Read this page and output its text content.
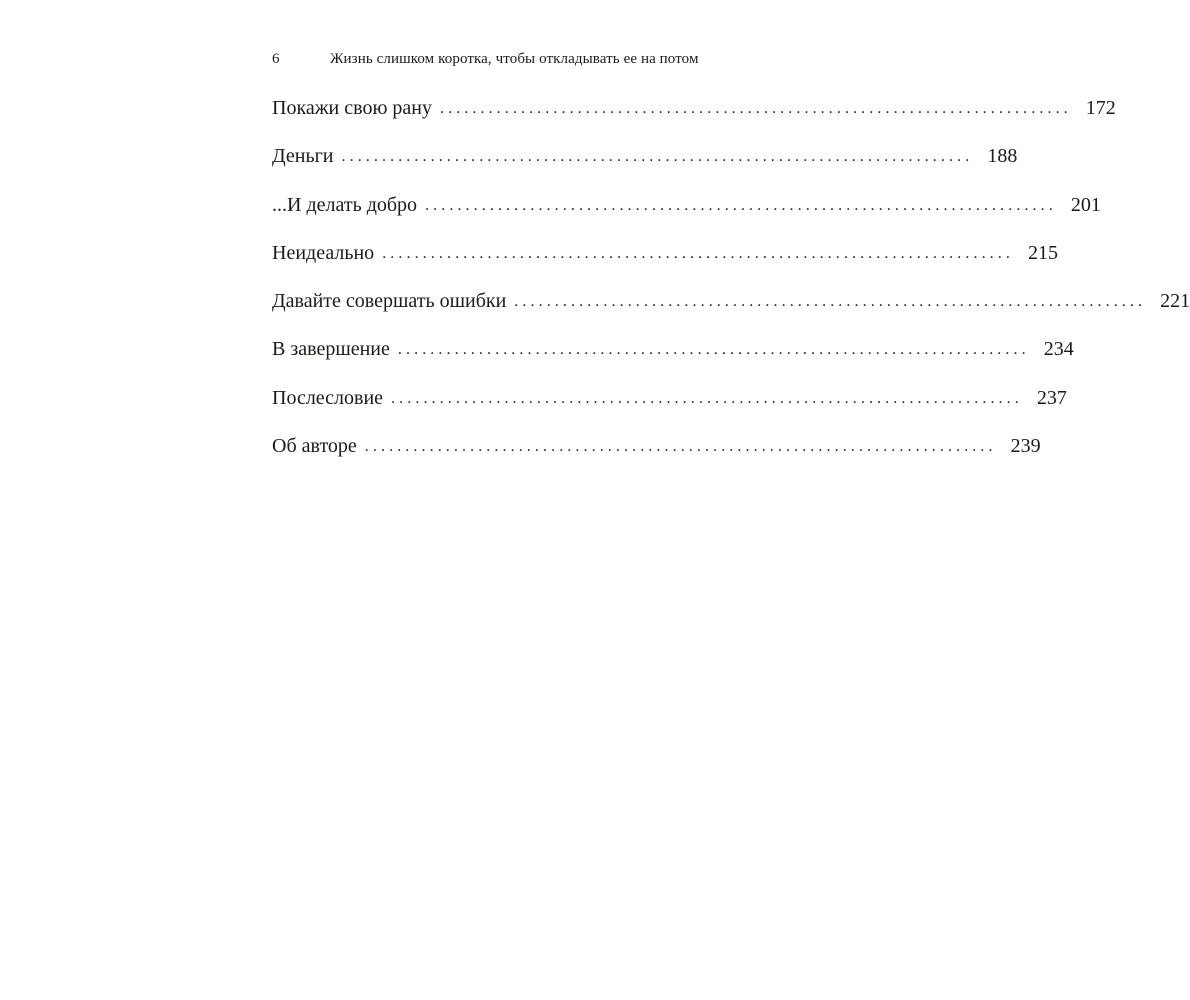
6	Жизнь слишком коротка, чтобы откладывать ее на потом
Покажи свою рану .............................................................................. 172
Деньги .............................................................................. 188
...И делать добро .............................................................................. 201
Неидеально .............................................................................. 215
Давайте совершать ошибки .............................................................................. 221
В завершение .............................................................................. 234
Послесловие .............................................................................. 237
Об авторе .............................................................................. 239
